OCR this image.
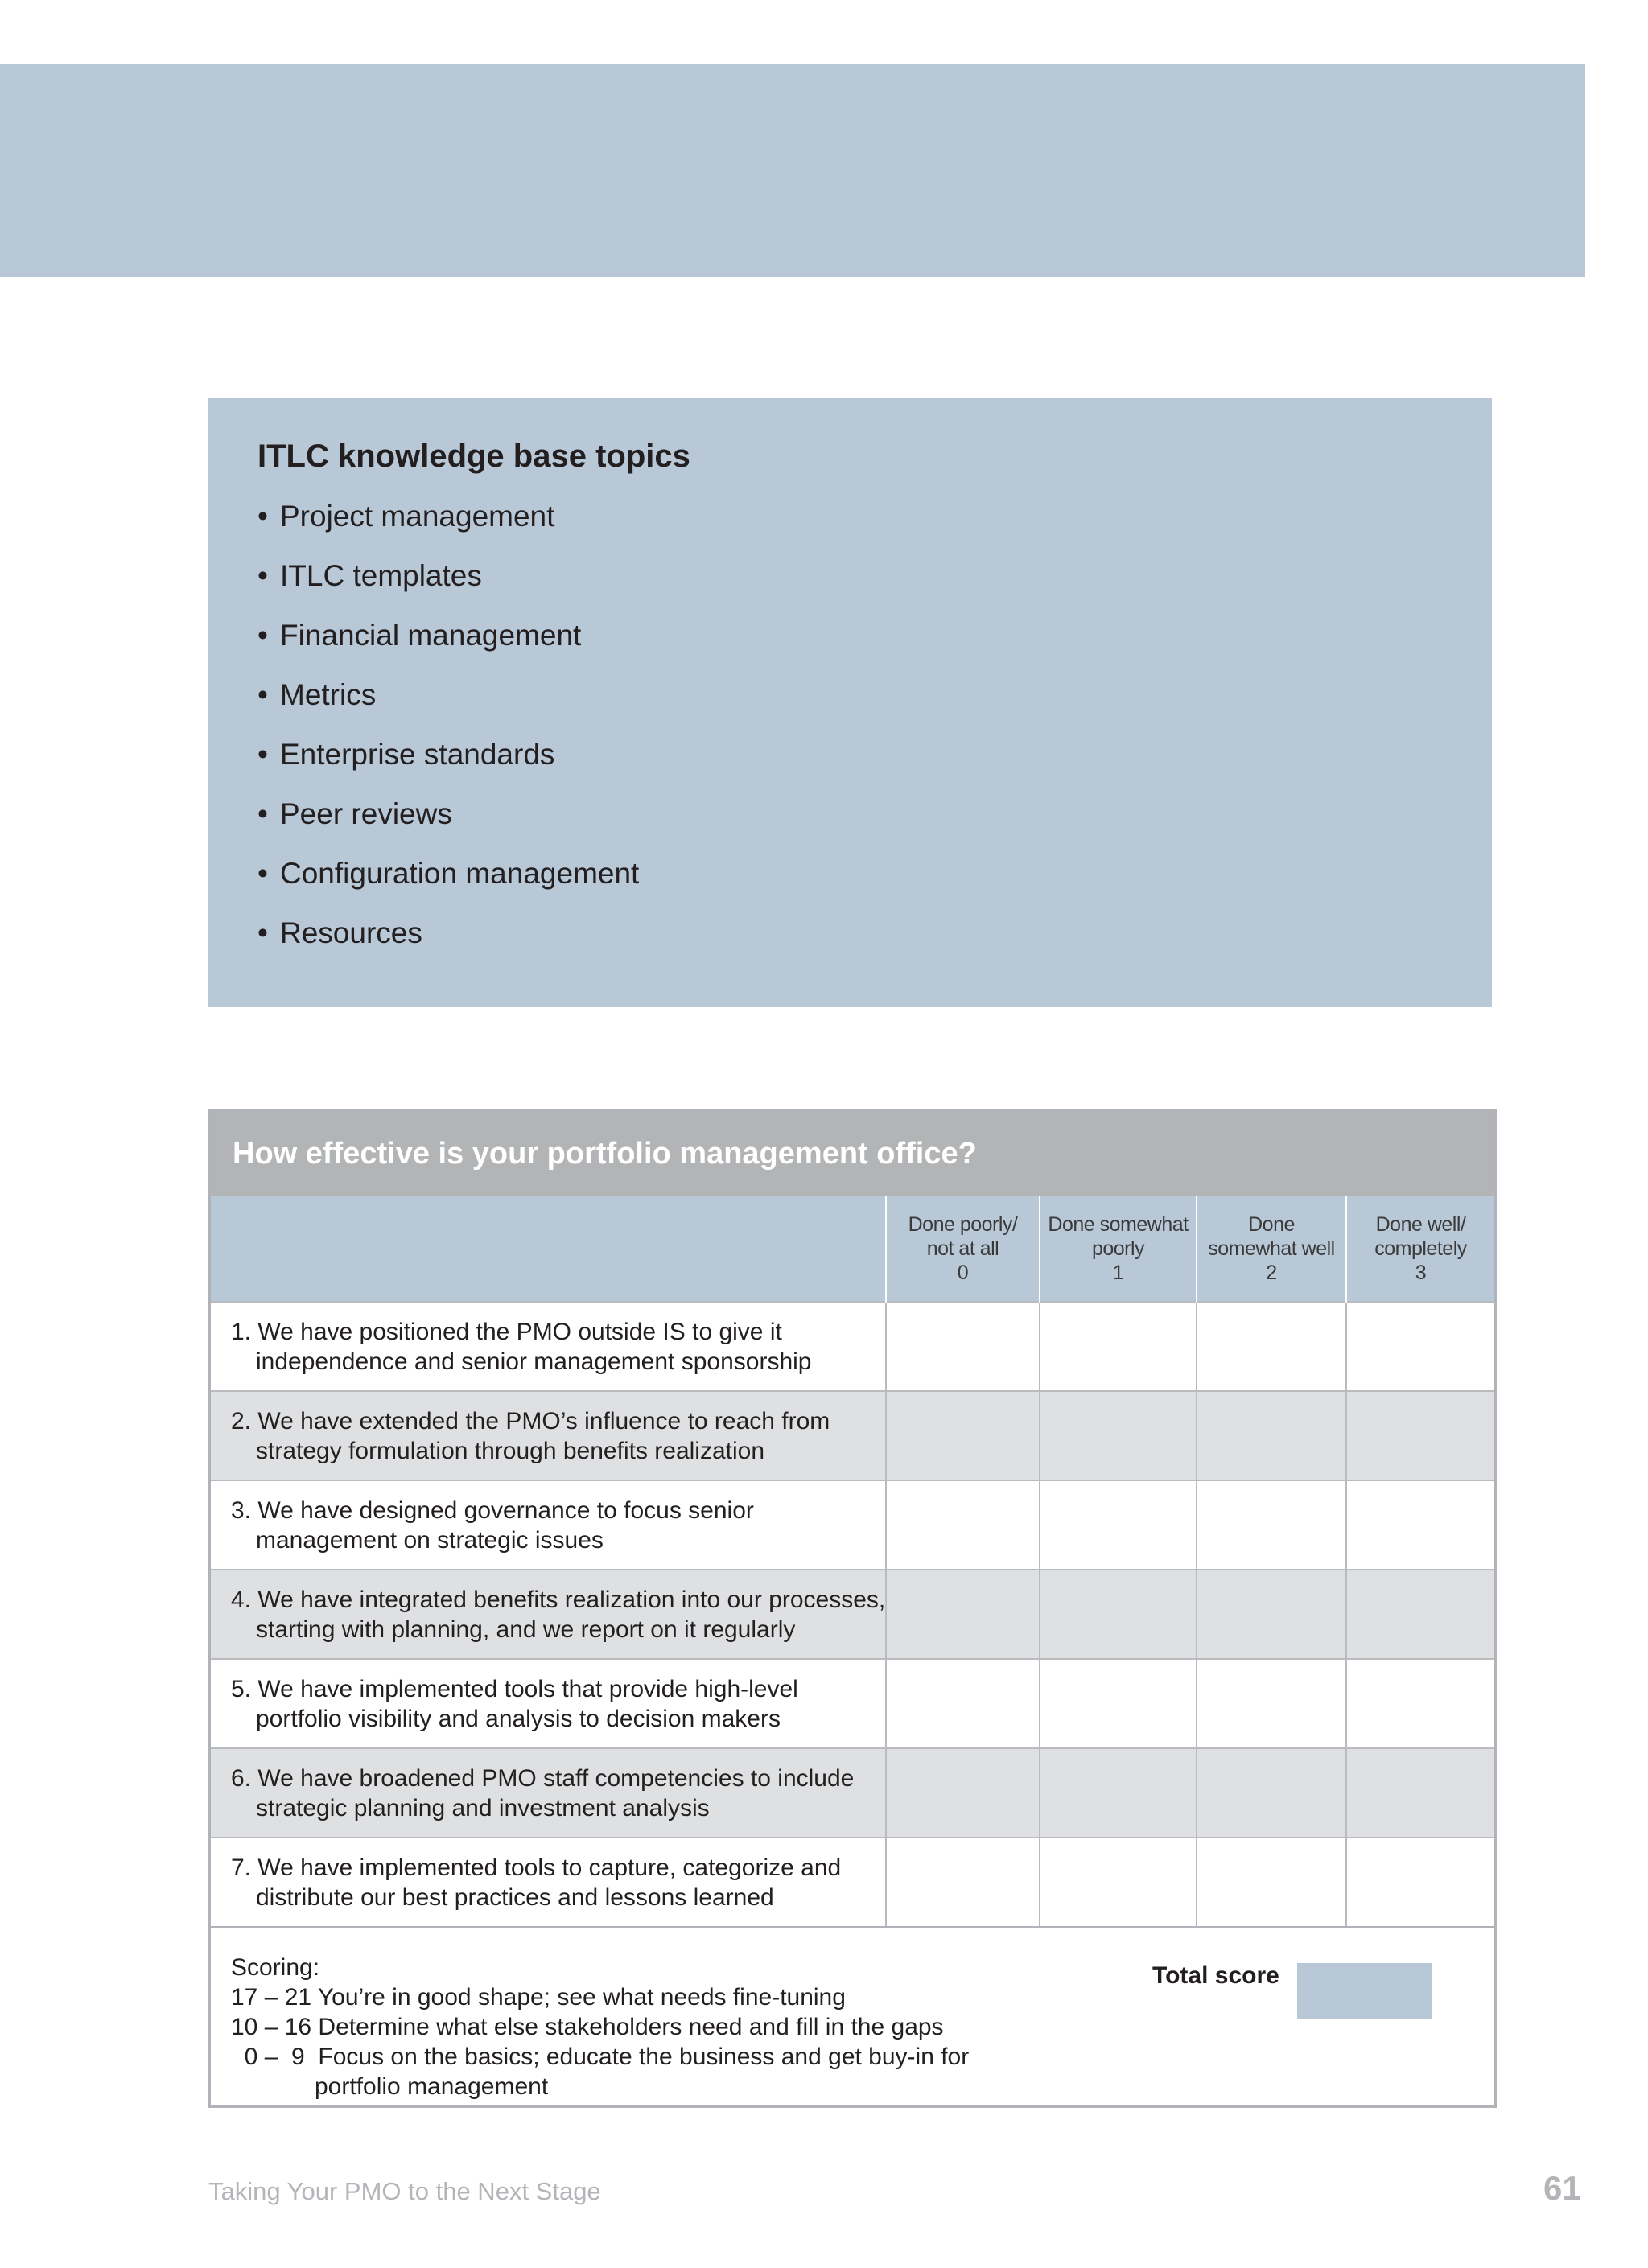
ITLC knowledge base topics
• Project management
• ITLC templates
• Financial management
• Metrics
• Enterprise standards
• Peer reviews
• Configuration management
• Resources
How effective is your portfolio management office?

	Done poorly/
not at all
0	Done somewhat
poorly
1	Done
somewhat well
2	Done well/
completely
3

1. We have positioned the PMO outside IS to give it
independence and senior management sponsorship				

2. We have extended the PMO’s influence to reach from
strategy formulation through benefits realization				

3. We have designed governance to focus senior
management on strategic issues				

4. We have integrated benefits realization into our processes,
starting with planning, and we report on it regularly				

5. We have implemented tools that provide high-level
portfolio visibility and analysis to decision makers				

6. We have broadened PMO staff competencies to include
strategic planning and investment analysis				

7. We have implemented tools to capture, categorize and
distribute our best practices and lessons learned				

Scoring:
17 – 21 You’re in good shape; see what needs fine-tuning
10 – 16 Determine what else stakeholders need and fill in the gaps
0 –  9  Focus on the basics; educate the business and get buy-in for
portfolio management
Total score
Taking Your PMO to the Next Stage	61
